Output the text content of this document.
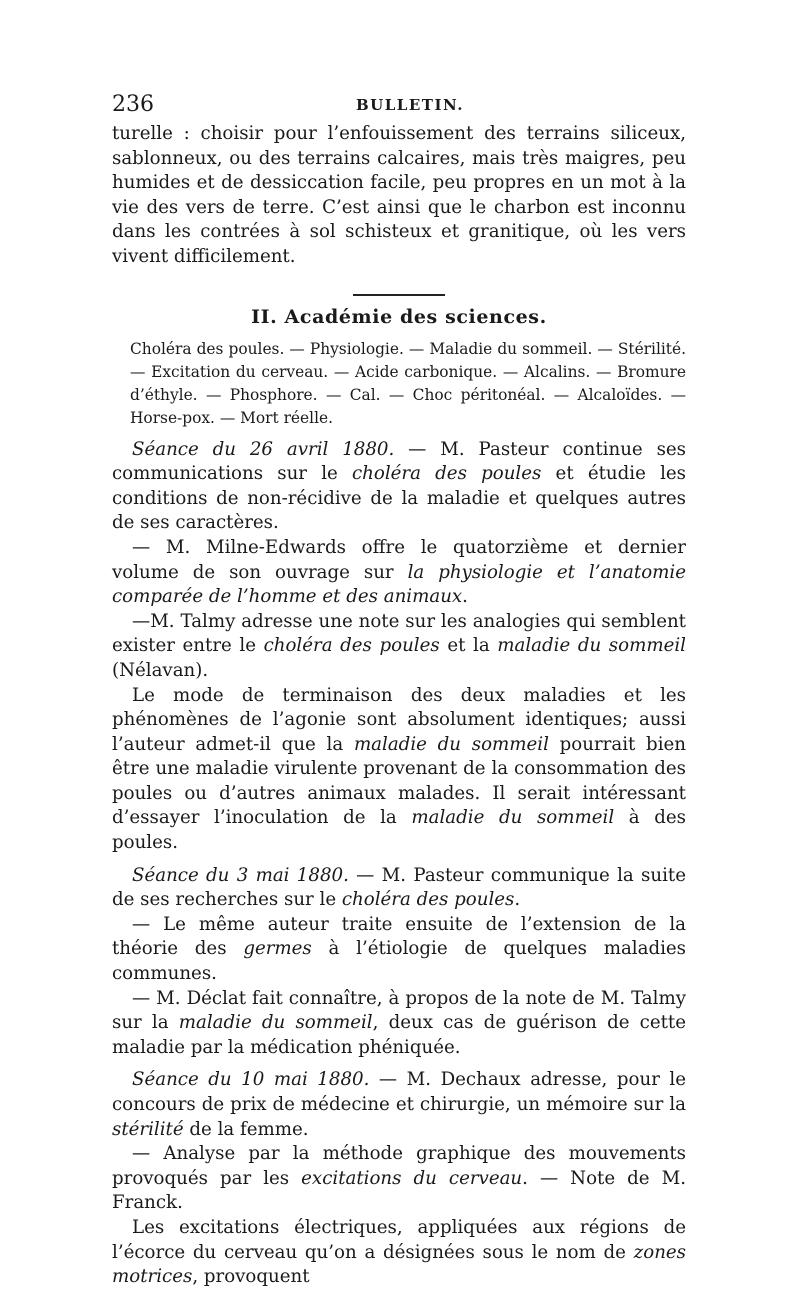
236	BULLETIN.

turelle : choisir pour l’enfouissement des terrains siliceux, sablonneux, ou des terrains calcaires, mais très maigres, peu humides et de dessiccation facile, peu propres en un mot à la vie des vers de terre. C’est ainsi que le charbon est inconnu dans les contrées à sol schisteux et granitique, où les vers vivent difficilement.

II. Académie des sciences.

Choléra des poules. — Physiologie. — Maladie du sommeil. — Stérilité. — Excitation du cerveau. — Acide carbonique. — Alcalins. — Bromure d’éthyle. — Phosphore. — Cal. — Choc péritonéal. — Alcaloïdes. — Horse-pox. — Mort réelle.

Séance du 26 avril 1880. — M. Pasteur continue ses communications sur le choléra des poules et étudie les conditions de non-récidive de la maladie et quelques autres de ses caractères.

— M. Milne-Edwards offre le quatorzième et dernier volume de son ouvrage sur la physiologie et l’anatomie comparée de l’homme et des animaux.

—M. Talmy adresse une note sur les analogies qui semblent exister entre le choléra des poules et la maladie du sommeil (Nélavan).

Le mode de terminaison des deux maladies et les phénomènes de l’agonie sont absolument identiques; aussi l’auteur admet-il que la maladie du sommeil pourrait bien être une maladie virulente provenant de la consommation des poules ou d’autres animaux malades. Il serait intéressant d’essayer l’inoculation de la maladie du sommeil à des poules.

Séance du 3 mai 1880. — M. Pasteur communique la suite de ses recherches sur le choléra des poules.

— Le même auteur traite ensuite de l’extension de la théorie des germes à l’étiologie de quelques maladies communes.

— M. Déclat fait connaître, à propos de la note de M. Talmy sur la maladie du sommeil, deux cas de guérison de cette maladie par la médication phéniquée.

Séance du 10 mai 1880. — M. Dechaux adresse, pour le concours de prix de médecine et chirurgie, un mémoire sur la stérilité de la femme.

— Analyse par la méthode graphique des mouvements provoqués par les excitations du cerveau. — Note de M. Franck.

Les excitations électriques, appliquées aux régions de l’écorce du cerveau qu’on a désignées sous le nom de zones motrices, provoquent
